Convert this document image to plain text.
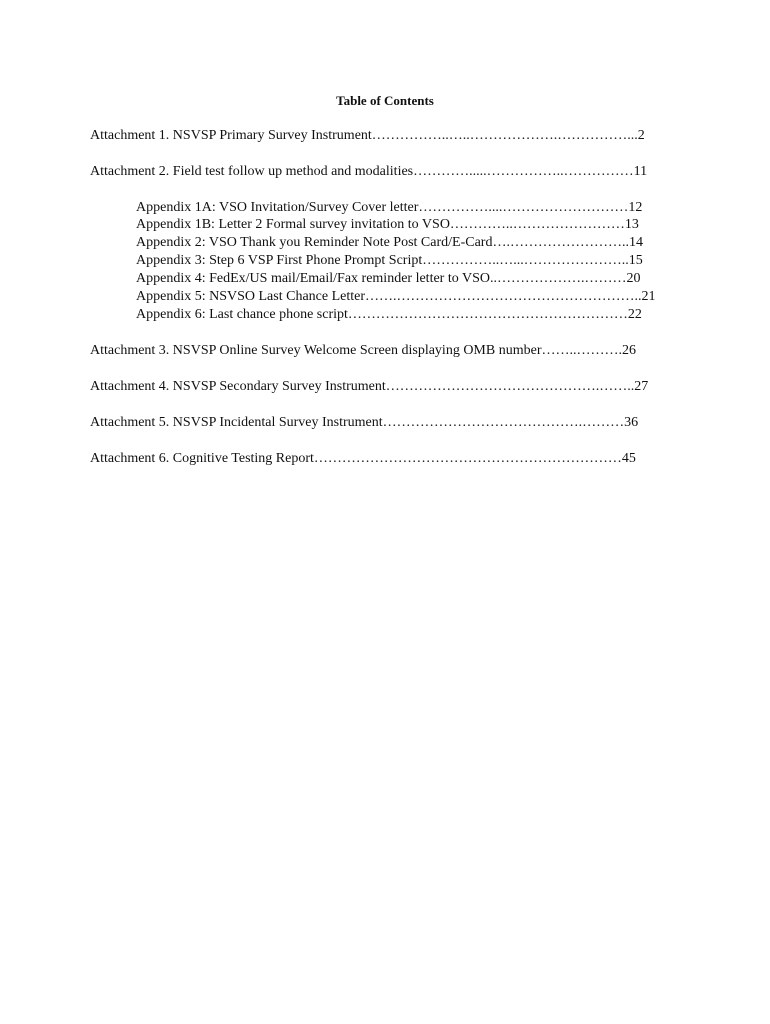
Table of Contents
Attachment 1. NSVSP Primary Survey Instrument……………..…..……………….……………...2
Attachment 2. Field test follow up method and modalities………….....……………..……………11
Appendix 1A: VSO Invitation/Survey Cover letter……………....………………………12
Appendix 1B: Letter 2 Formal survey invitation to VSO…………..……………………13
Appendix 2: VSO Thank you Reminder Note Post Card/E-Card….……………………..14
Appendix 3: Step 6 VSP First Phone Prompt Script……………..…...…………………..15
Appendix 4: FedEx/US mail/Email/Fax reminder letter to VSO..……………….………20
Appendix 5: NSVSO Last Chance Letter…….……………………………………………..21
Appendix 6: Last chance phone script……………………………………………………22
Attachment 3. NSVSP Online Survey Welcome Screen displaying OMB number……..……….26
Attachment 4. NSVSP Secondary Survey Instrument……………………………………….……..27
Attachment 5. NSVSP Incidental Survey Instrument…………………………………….………36
Attachment 6. Cognitive Testing Report…………………………………………………………45
